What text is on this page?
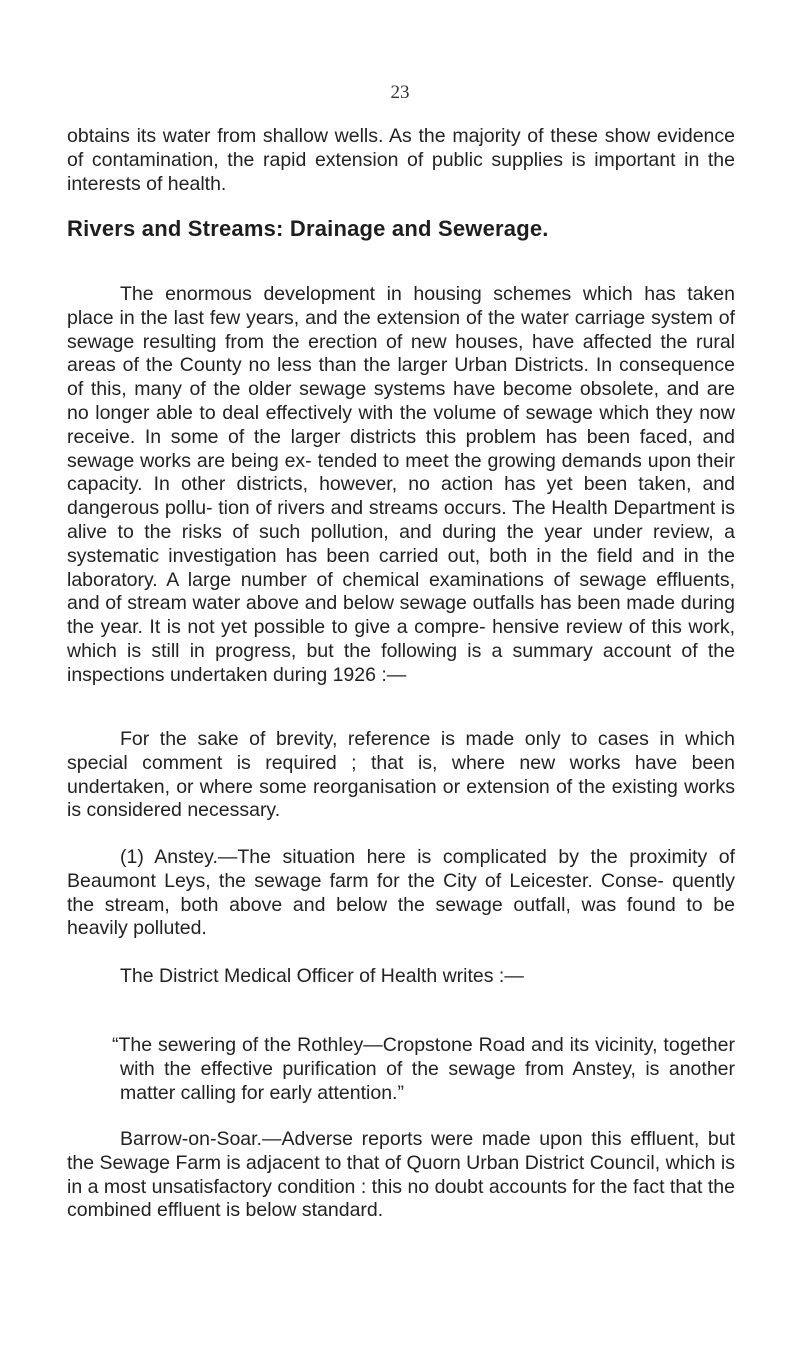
23

obtains its water from shallow wells. As the majority of these show evidence of contamination, the rapid extension of public supplies is important in the interests of health.

Rivers and Streams: Drainage and Sewerage.

The enormous development in housing schemes which has taken place in the last few years, and the extension of the water carriage system of sewage resulting from the erection of new houses, have affected the rural areas of the County no less than the larger Urban Districts. In consequence of this, many of the older sewage systems have become obsolete, and are no longer able to deal effectively with the volume of sewage which they now receive. In some of the larger districts this problem has been faced, and sewage works are being ex- tended to meet the growing demands upon their capacity. In other districts, however, no action has yet been taken, and dangerous pollu- tion of rivers and streams occurs. The Health Department is alive to the risks of such pollution, and during the year under review, a systematic investigation has been carried out, both in the field and in the laboratory. A large number of chemical examinations of sewage effluents, and of stream water above and below sewage outfalls has been made during the year. It is not yet possible to give a compre- hensive review of this work, which is still in progress, but the following is a summary account of the inspections undertaken during 1926 :—

For the sake of brevity, reference is made only to cases in which special comment is required ; that is, where new works have been undertaken, or where some reorganisation or extension of the existing works is considered necessary.

(1) Anstey.—The situation here is complicated by the proximity of Beaumont Leys, the sewage farm for the City of Leicester. Conse- quently the stream, both above and below the sewage outfall, was found to be heavily polluted.

The District Medical Officer of Health writes :—

“The sewering of the Rothley—Cropstone Road and its vicinity, together with the effective purification of the sewage from Anstey, is another matter calling for early attention.”

Barrow-on-Soar.—Adverse reports were made upon this effluent, but the Sewage Farm is adjacent to that of Quorn Urban District Council, which is in a most unsatisfactory condition : this no doubt accounts for the fact that the combined effluent is below standard.
